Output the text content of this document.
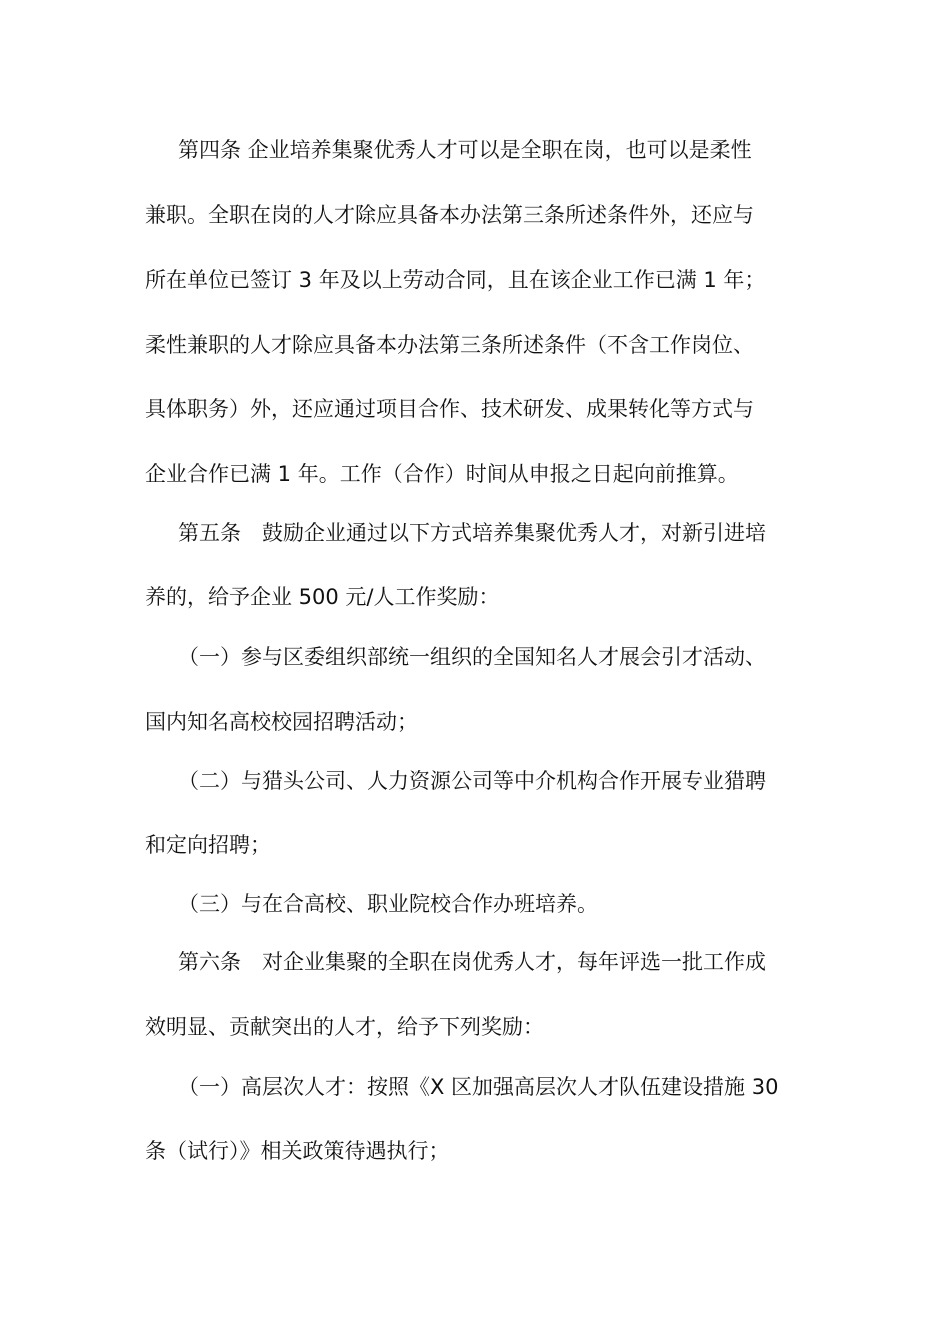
第四条 企业培养集聚优秀人才可以是全职在岗，也可以是柔性
兼职。全职在岗的人才除应具备本办法第三条所述条件外，还应与
所在单位已签订 3 年及以上劳动合同，且在该企业工作已满 1 年；
柔性兼职的人才除应具备本办法第三条所述条件（不含工作岗位、
具体职务）外，还应通过项目合作、技术研发、成果转化等方式与
企业合作已满 1 年。工作（合作）时间从申报之日起向前推算。
第五条　鼓励企业通过以下方式培养集聚优秀人才，对新引进培
养的，给予企业 500 元/人工作奖励：
（一）参与区委组织部统一组织的全国知名人才展会引才活动、
国内知名高校校园招聘活动；
（二）与猎头公司、人力资源公司等中介机构合作开展专业猎聘
和定向招聘；
（三）与在合高校、职业院校合作办班培养。
第六条　对企业集聚的全职在岗优秀人才，每年评选一批工作成
效明显、贡献突出的人才，给予下列奖励：
（一）高层次人才：按照《X 区加强高层次人才队伍建设措施 30
条（试行）》相关政策待遇执行；
